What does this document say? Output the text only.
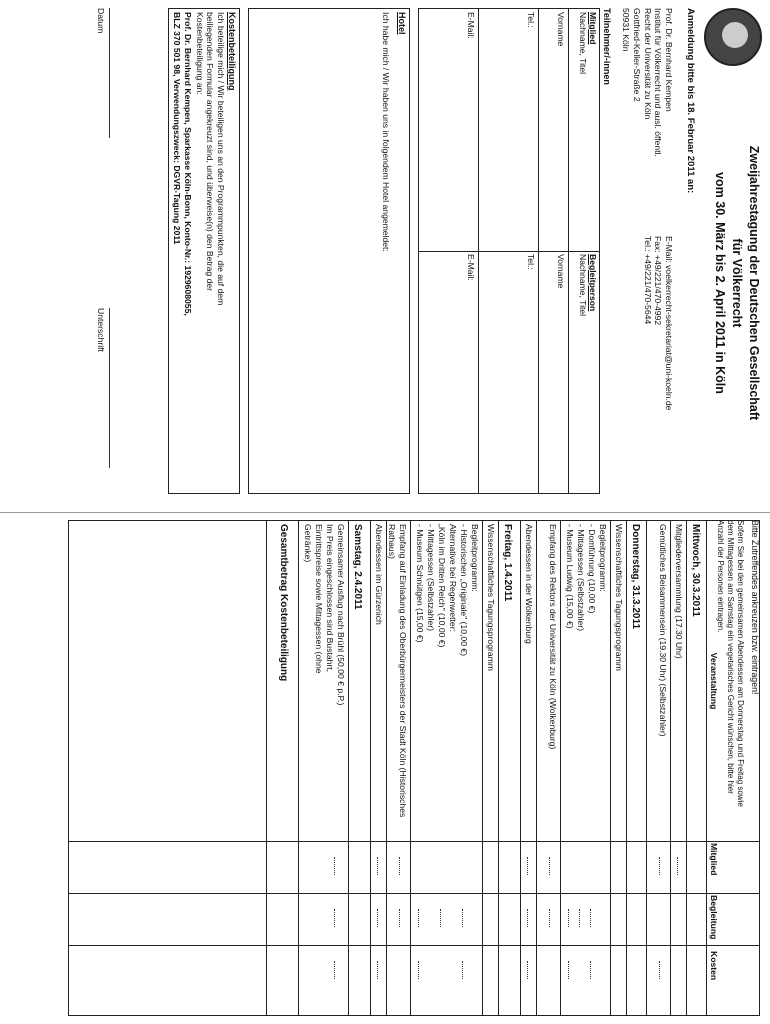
Zweijahrestagung der Deutschen Gesellschaft
für Völkerrecht
vom 30. März bis 2. April 2011 in Köln
Anmeldung bitte bis 18. Februar 2011 an:
Prof. Dr. Bernhard Kempen
Institut für Völkerrecht und ausl. öffentl.
Recht der Universität zu Köln
Gottfried-Keller-Straße 2
50931 Köln
E-Mail: voelkerrecht-sekretariat@uni-koeln.de
Fax: +49/221/470-4992
Tel.: +49/221/470-5644
Teilnehmer/-innen
Mitglied
Nachname, Titel
Begleitperson
Nachname, Titel
Vorname
Vorname
Tel.:
Tel.:
E-Mail:
E-Mail:
Hotel
Ich habe mich / Wir haben uns in folgendem Hotel angemeldet:
Kostenbeteiligung
Ich beteilige mich / Wir beteiligen uns an den Programmpunkten, die auf dem
beiliegenden Formular angekreuzt sind, und überweise(n) den Betrag der
Kostenbeteiligung an:
Prof. Dr. Bernhard Kempen, Sparkasse Köln-Bonn, Konto-Nr.: 1929608055,
BLZ 370 501 98, Verwendungszweck: DGVR-Tagung 2011
Datum
Unterschrift
Bitte Zutreffendes ankreuzen bzw. eintragen!
Sofern Sie bei den gemeinsamen Abendessen am Donnerstag und Freitag sowie
dem Mittagessen am Samstag ein vegetarisches Gericht wünschen, bitte hier
Anzahl der Personen eintragen.
Veranstaltung
Mitglied
Begleitung
Kosten
Mittwoch, 30.3.2011
Mitgliederversammlung (17.30 Uhr)
Gemütliches Beisammensein (19.30 Uhr) (Selbstzahler)
Donnerstag, 31.3.2011
Wissenschaftliches Tagungsprogramm
Begleitprogramm:
- Domführung (10,00 €)
- Mittagessen (Selbstzahler)
- Museum Ludwig (15,00 €)
Empfang des Rektors der Universität zu Köln (Wolkenburg)
Abendessen in der Wolkenburg
Freitag, 1.4.2011
Wissenschaftliches Tagungsprogramm
Begleitprogramm:
- Historischen „Originale" (10,00 €)
Alternative bei Regenwetter:
„Köln im Dritten Reich" (10,00 €)
- Mittagessen (Selbstzahler)
- Museum Schnütgen (15,00 €)
Empfang auf Einladung des Oberbürgermeisters der Stadt Köln (Historisches Rathaus)
Abendessen im Gürzenich
Samstag, 2.4.2011
Gemeinsamer Ausflug nach Brühl (50,00 € p.P.)
Im Preis eingeschlossen sind Bustahrt,
Eintrittspreise sowie Mittagessen (ohne
Getränke)
Gesamtbetrag Kostenbeteiligung
